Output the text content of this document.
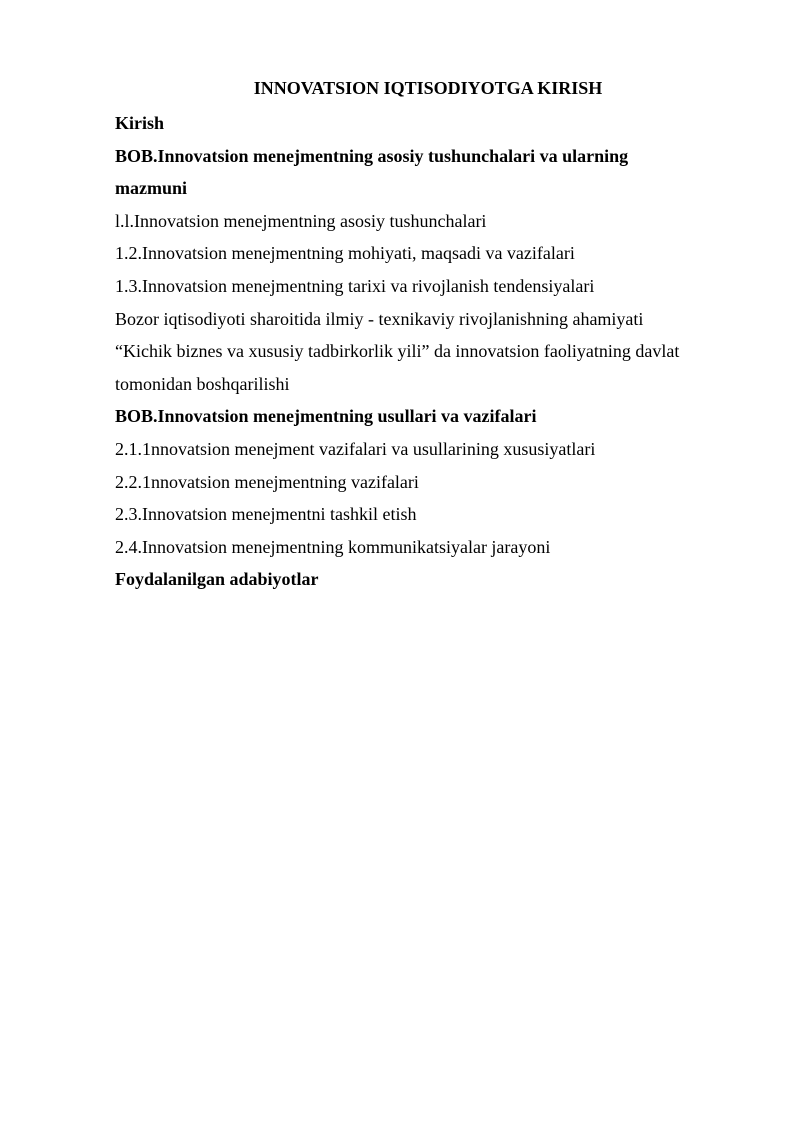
INNOVATSION IQTISODIYOTGA KIRISH
Kirish
BOB.Innovatsion menejmentning asosiy tushunchalari va ularning
mazmuni
l.l.Innovatsion menejmentning asosiy tushunchalari
1.2.Innovatsion menejmentning mohiyati, maqsadi va vazifalari
1.3.Innovatsion menejmentning tarixi va rivojlanish tendensiyalari
Bozor iqtisodiyoti sharoitida ilmiy - texnikaviy rivojlanishning ahamiyati
“Kichik biznes va xususiy tadbirkorlik yili” da innovatsion faoliyatning davlat
tomonidan boshqarilishi
BOB.Innovatsion menejmentning usullari va vazifalari
2.1.1nnovatsion menejment vazifalari va usullarining xususiyatlari
2.2.1nnovatsion menejmentning vazifalari
2.3.Innovatsion menejmentni tashkil etish
2.4.Innovatsion menejmentning kommunikatsiyalar jarayoni
Foydalanilgan adabiyotlar
